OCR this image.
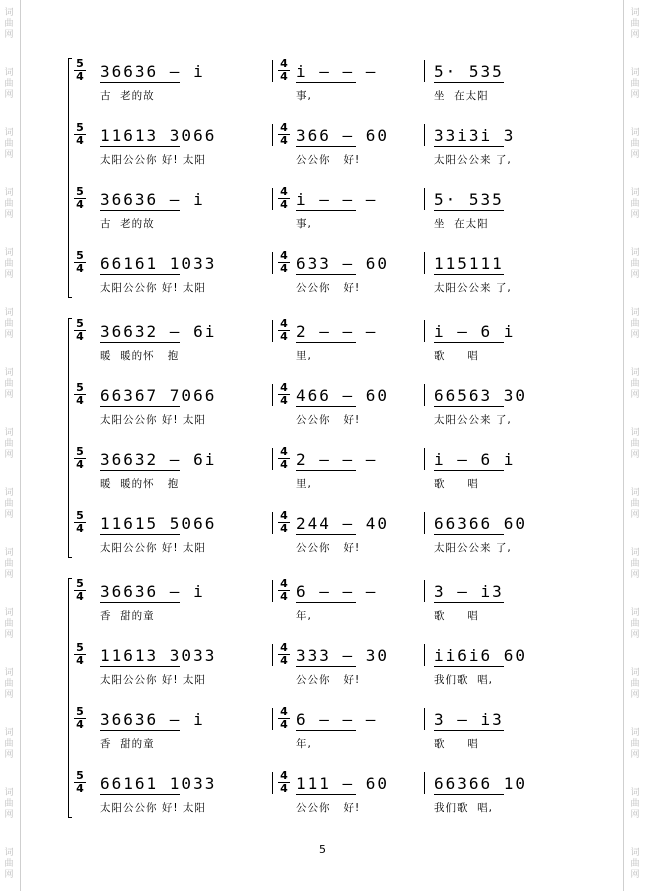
词曲网
词曲网
词曲网
词曲网
词曲网
词曲网
词曲网
词曲网
词曲网
词曲网
词曲网
词曲网
词曲网
词曲网
词曲网
词曲网
词曲网
词曲网
词曲网
词曲网
词曲网
词曲网
词曲网
词曲网
词曲网
词曲网
词曲网
词曲网
词曲网
词曲网
5
4 36636 — i	4
4 i — — —	5· 535
古  老的故	事,	坐  在太阳
5
4 11613 3066	4
4 366 — 60	33i3i 3
太阳公公你 好! 太阳	公公你   好!	太阳公公来 了,
5
4 36636 — i	4
4 i — — —	5· 535
古  老的故	事,	坐  在太阳
5
4 66161 1033	4
4 633 — 60	115111
太阳公公你 好! 太阳	公公你   好!	太阳公公来 了,
5
4 36632 — 6i	4
4 2 — — —	i — 6 i
暖  暖的怀   抱	里,	歌     唱
5
4 66367 7066	4
4 466 — 60	66563 30
太阳公公你 好! 太阳	公公你   好!	太阳公公来 了,
5
4 36632 — 6i	4
4 2 — — —	i — 6 i
暖  暖的怀   抱	里,	歌     唱
5
4 11615 5066	4
4 244 — 40	66366 60
太阳公公你 好! 太阳	公公你   好!	太阳公公来 了,
5
4 36636 — i	4
4 6 — — —	3 — i3
香  甜的童	年,	歌     唱
5
4 11613 3033	4
4 333 — 30	ii6i6 60
太阳公公你 好! 太阳	公公你   好!	我们歌  唱,
5
4 36636 — i	4
4 6 — — —	3 — i3
香  甜的童	年,	歌     唱
5
4 66161 1033	4
4 111 — 60	66366 10
太阳公公你 好! 太阳	公公你   好!	我们歌  唱,
5
